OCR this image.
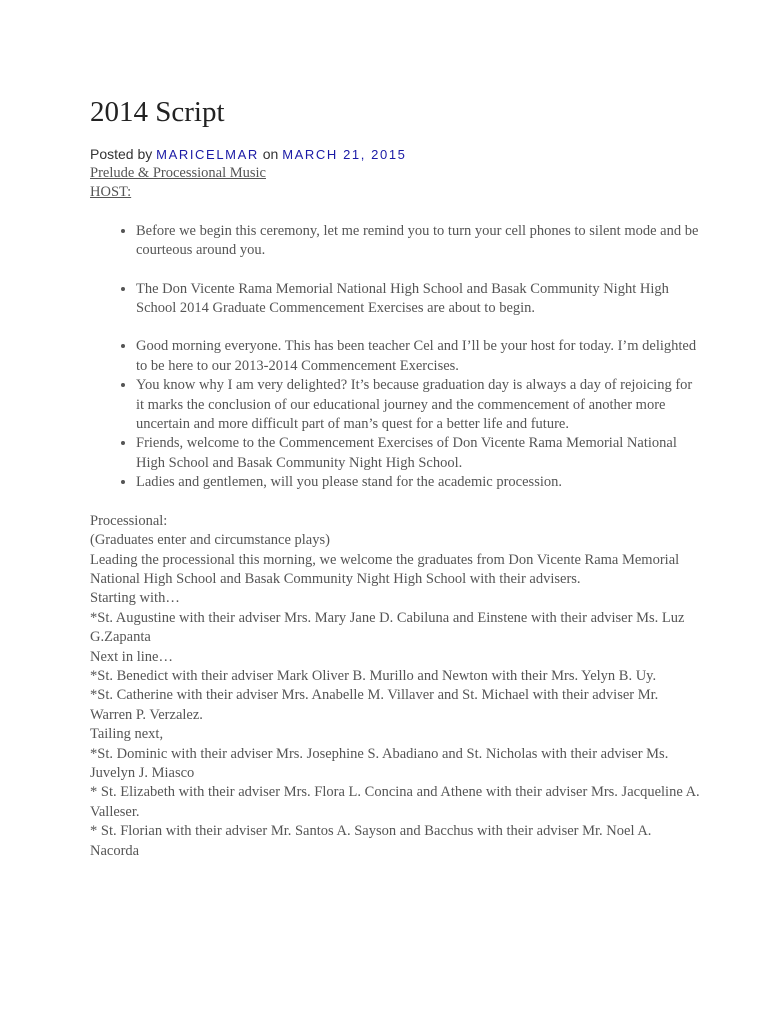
2014 Script
Posted by MARICELMAR on MARCH 21, 2015
Prelude & Processional Music
HOST:
• Before we begin this ceremony, let me remind you to turn your cell phones to silent mode and be courteous around you.
• The Don Vicente Rama Memorial National High School and Basak Community Night High School 2014 Graduate Commencement Exercises are about to begin.
• Good morning everyone. This has been teacher Cel and I’ll be your host for today. I’m delighted to be here to our 2013-2014 Commencement Exercises.
• You know why I am very delighted? It’s because graduation day is always a day of rejoicing for it marks the conclusion of our educational journey and the commencement of another more uncertain and more difficult part of man’s quest for a better life and future.
• Friends, welcome to the Commencement Exercises of Don Vicente Rama Memorial National High School and Basak Community Night High School.
• Ladies and gentlemen, will you please stand for the academic procession.
Processional:
(Graduates enter and circumstance plays)
Leading the processional this morning, we welcome the graduates from Don Vicente Rama Memorial National High School and Basak Community Night High School with their advisers.
Starting with…
*St. Augustine with their adviser Mrs. Mary Jane D. Cabiluna and Einstene with their adviser Ms. Luz G.Zapanta
Next in line…
*St. Benedict with their adviser Mark Oliver B. Murillo and Newton with their Mrs. Yelyn B. Uy.
*St. Catherine with their adviser Mrs. Anabelle M. Villaver and St. Michael with their adviser Mr. Warren P. Verzalez.
Tailing next,
*St. Dominic with their adviser Mrs. Josephine S. Abadiano and St. Nicholas with their adviser Ms. Juvelyn J. Miasco
* St. Elizabeth with their adviser Mrs. Flora L. Concina and Athene with their adviser Mrs. Jacqueline A. Valleser.
* St. Florian with their adviser Mr. Santos A. Sayson and Bacchus with their adviser Mr. Noel A. Nacorda
